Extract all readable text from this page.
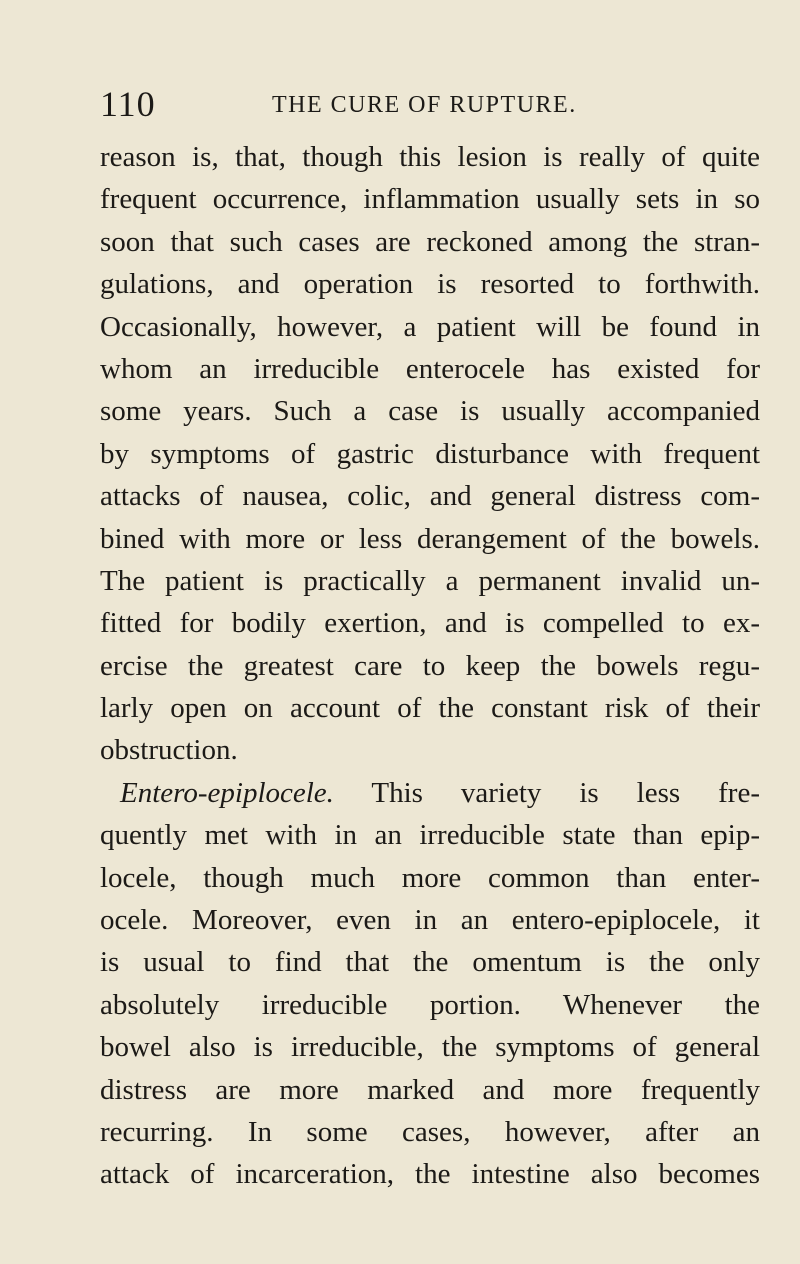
110	THE CURE OF RUPTURE.
reason is, that, though this lesion is really of quite
frequent occurrence, inflammation usually sets in so
soon that such cases are reckoned among the stran-
gulations, and operation is resorted to forthwith.
Occasionally, however, a patient will be found in
whom an irreducible enterocele has existed for
some years. Such a case is usually accompanied
by symptoms of gastric disturbance with frequent
attacks of nausea, colic, and general distress com-
bined with more or less derangement of the bowels.
The patient is practically a permanent invalid un-
fitted for bodily exertion, and is compelled to ex-
ercise the greatest care to keep the bowels regu-
larly open on account of the constant risk of their
obstruction.
Entero-epiplocele. This variety is less fre-
quently met with in an irreducible state than epip-
locele, though much more common than enter-
ocele. Moreover, even in an entero-epiplocele, it
is usual to find that the omentum is the only
absolutely irreducible portion. Whenever the
bowel also is irreducible, the symptoms of general
distress are more marked and more frequently
recurring. In some cases, however, after an
attack of incarceration, the intestine also becomes
